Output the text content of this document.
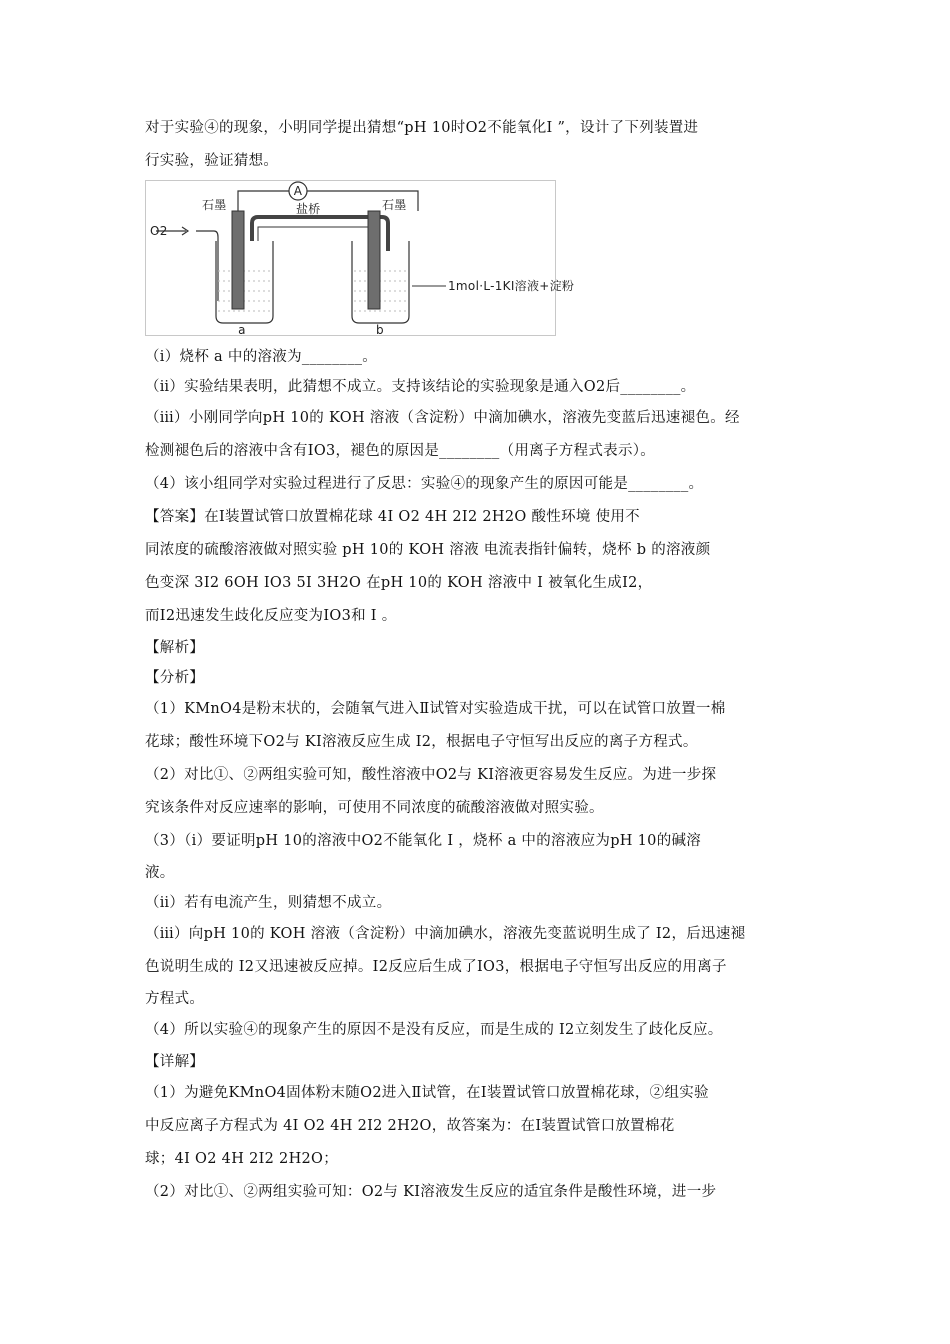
对于实验④的现象，小明同学提出猜想“pH 10时O2不能氧化I ”，设计了下列装置进
行实验，验证猜想。
A
O2
石墨	石墨
盐桥
1mol·L-1KI溶液+淀粉
a	b
（ⅰ）烧杯 a 中的溶液为________。
（ⅱ）实验结果表明，此猜想不成立。支持该结论的实验现象是通入O2后________。
（ⅲ）小刚同学向pH 10的 KOH 溶液（含淀粉）中滴加碘水，溶液先变蓝后迅速褪色。经
检测褪色后的溶液中含有IO3，褪色的原因是________（用离子方程式表示）。
（4）该小组同学对实验过程进行了反思：实验④的现象产生的原因可能是________。
【答案】在Ⅰ装置试管口放置棉花球 4I O2 4H 2I2 2H2O 酸性环境 使用不
同浓度的硫酸溶液做对照实验 pH 10的 KOH 溶液 电流表指针偏转，烧杯 b 的溶液颜
色变深 3I2 6OH IO3 5I 3H2O 在pH 10的 KOH 溶液中 I 被氧化生成I2，
而I2迅速发生歧化反应变为IO3和 I 。
【解析】
【分析】
（1）KMnO4是粉末状的，会随氧气进入Ⅱ试管对实验造成干扰，可以在试管口放置一棉
花球；酸性环境下O2与 KI溶液反应生成 I2，根据电子守恒写出反应的离子方程式。
（2）对比①、②两组实验可知，酸性溶液中O2与 KI溶液更容易发生反应。为进一步探
究该条件对反应速率的影响，可使用不同浓度的硫酸溶液做对照实验。
（3）（ⅰ）要证明pH 10的溶液中O2不能氧化 I ，烧杯 a 中的溶液应为pH 10的碱溶
液。
（ⅱ）若有电流产生，则猜想不成立。
（ⅲ）向pH 10的 KOH 溶液（含淀粉）中滴加碘水，溶液先变蓝说明生成了 I2，后迅速褪
色说明生成的 I2又迅速被反应掉。I2反应后生成了IO3，根据电子守恒写出反应的用离子
方程式。
（4）所以实验④的现象产生的原因不是没有反应，而是生成的 I2立刻发生了歧化反应。
【详解】
（1）为避免KMnO4固体粉末随O2进入Ⅱ试管，在Ⅰ装置试管口放置棉花球，②组实验
中反应离子方程式为 4I O2 4H 2I2 2H2O，故答案为：在Ⅰ装置试管口放置棉花
球；4I O2 4H 2I2 2H2O；
（2）对比①、②两组实验可知：O2与 KI溶液发生反应的适宜条件是酸性环境，进一步
